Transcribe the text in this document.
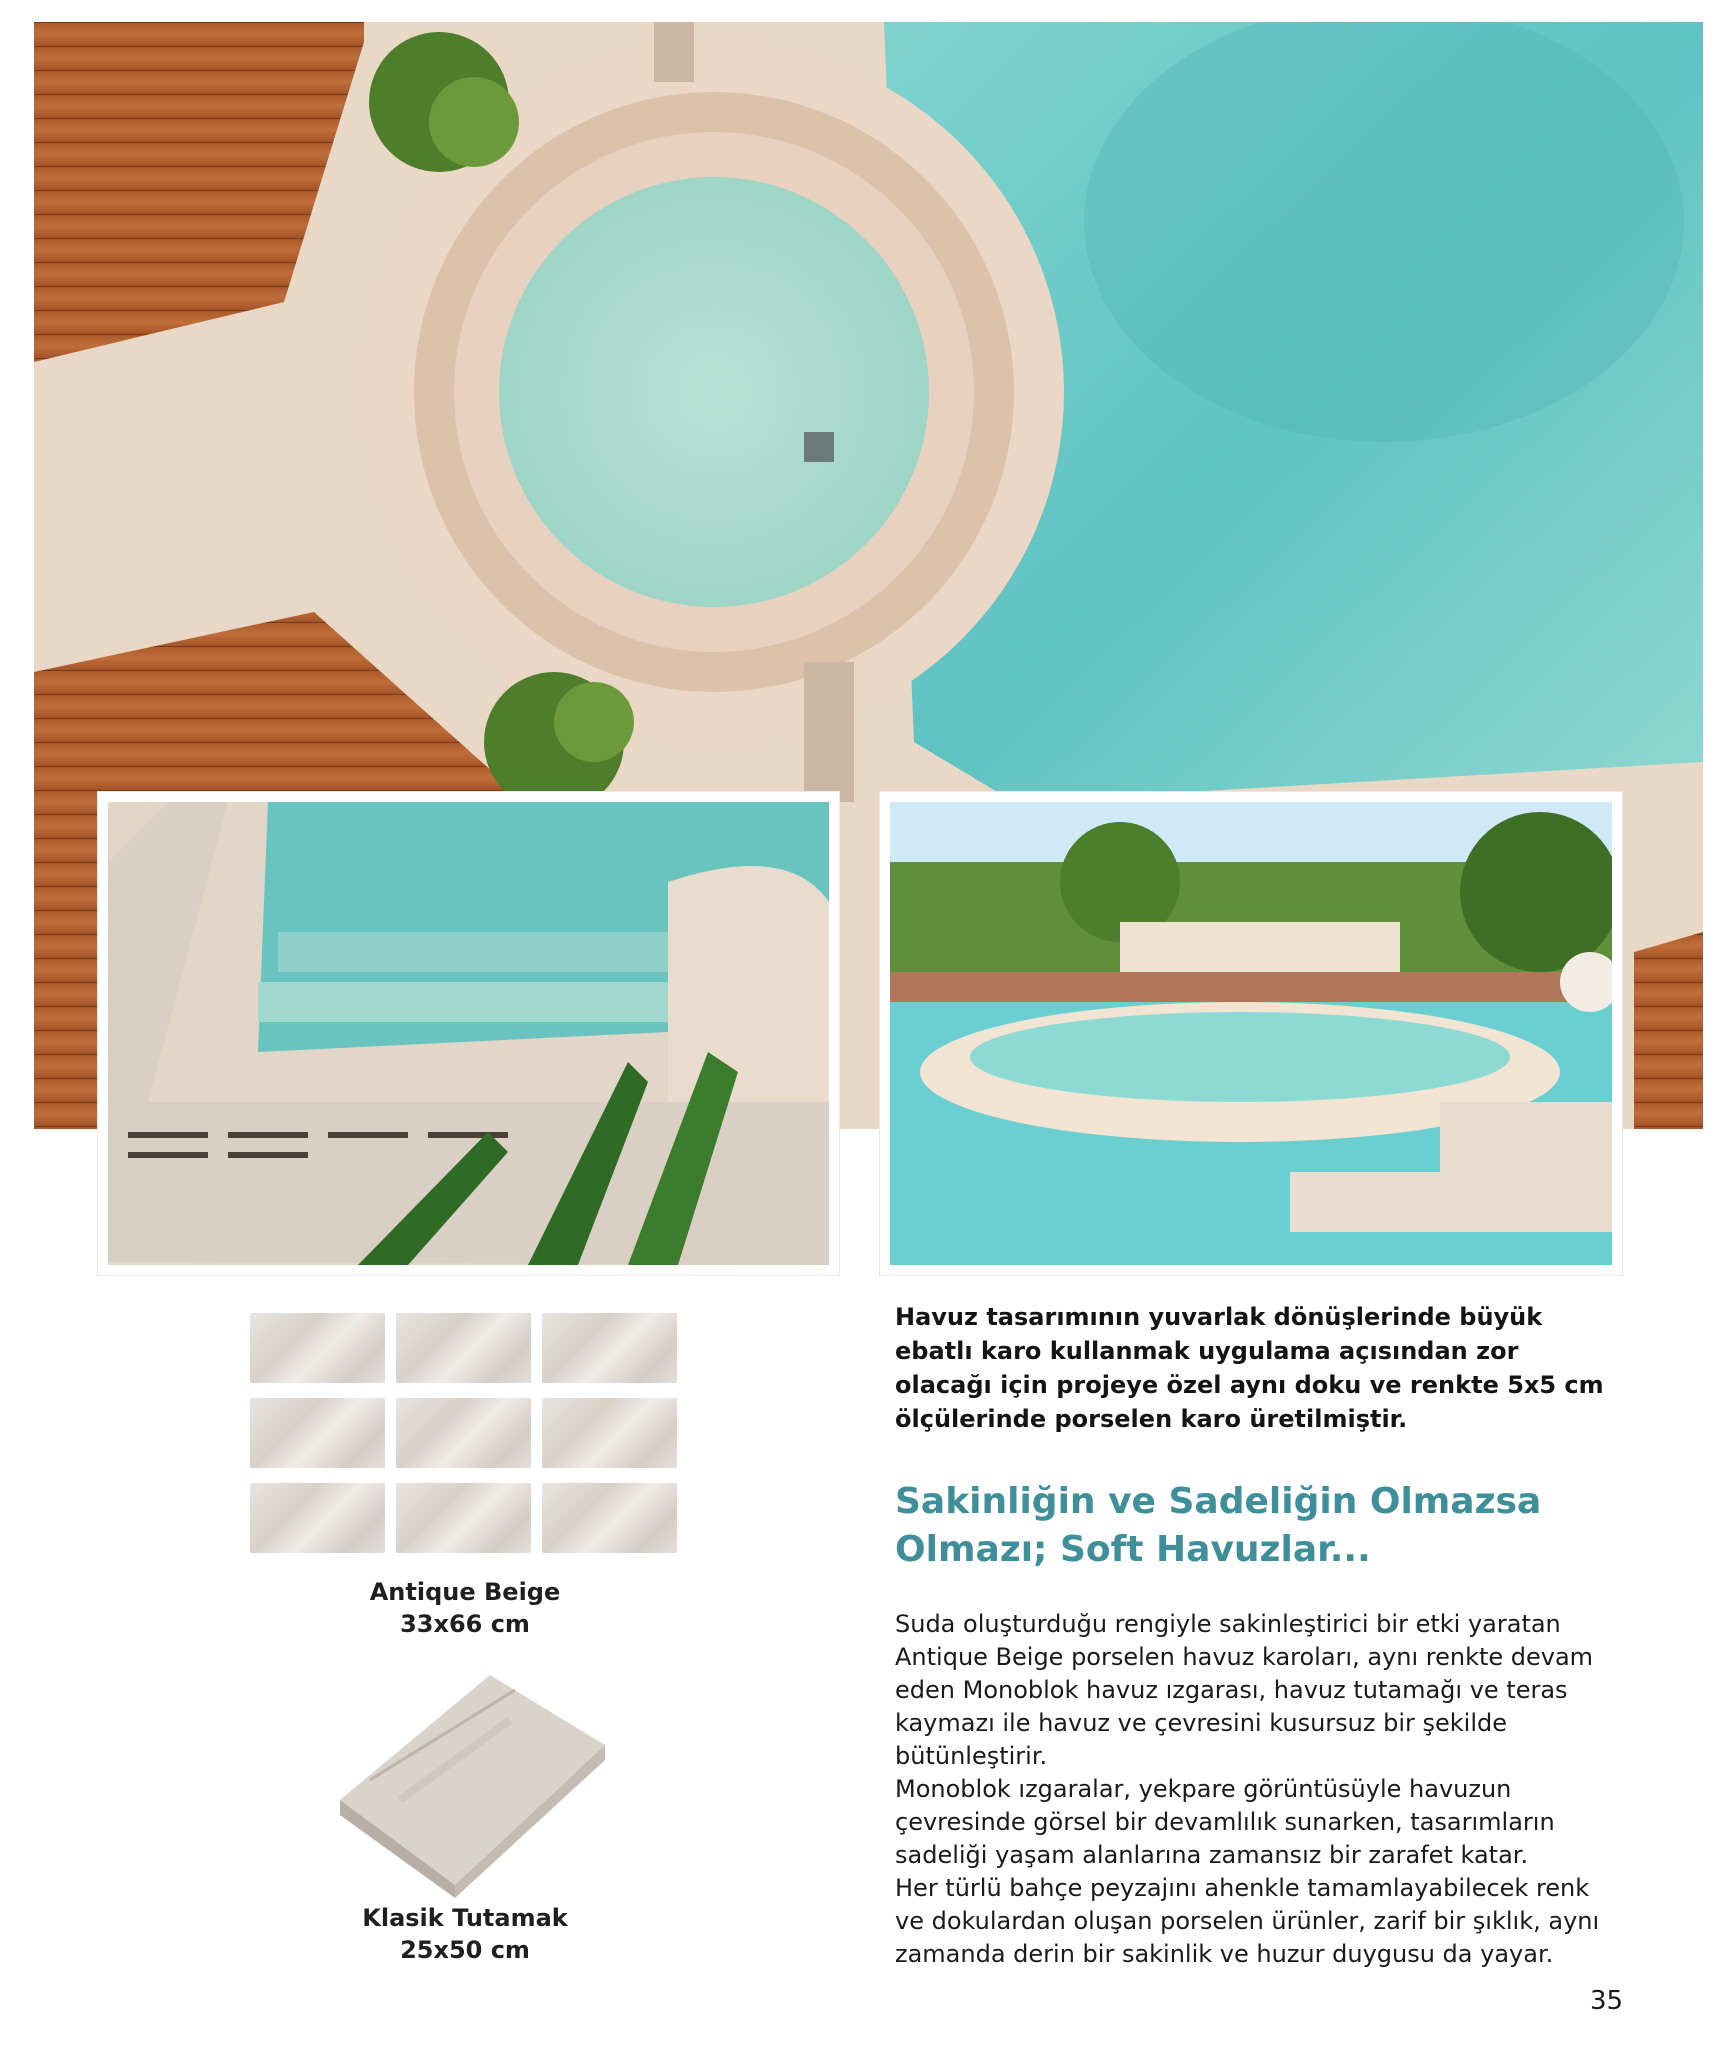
Antique Beige
33x66 cm
Klasik Tutamak
25x50 cm
Havuz tasarımının yuvarlak dönüşlerinde büyük ebatlı karo kullanmak uygulama açısından zor olacağı için projeye özel aynı doku ve renkte 5x5 cm ölçülerinde porselen karo üretilmiştir.
Sakinliğin ve Sadeliğin Olmazsa
Olmazı; Soft Havuzlar...

Suda oluşturduğu rengiyle sakinleştirici bir etki yaratan Antique Beige porselen havuz karoları, aynı renkte devam eden Monoblok havuz ızgarası, havuz tutamağı ve teras kaymazı ile havuz ve çevresini kusursuz bir şekilde bütünleştirir.

Monoblok ızgaralar, yekpare görüntüsüyle havuzun çevresinde görsel bir devamlılık sunarken, tasarımların sadeliği yaşam alanlarına zamansız bir zarafet katar.

Her türlü bahçe peyzajını ahenkle tamamlayabilecek renk ve dokulardan oluşan porselen ürünler, zarif bir şıklık, aynı zamanda derin bir sakinlik ve huzur duygusu da yayar.

35
